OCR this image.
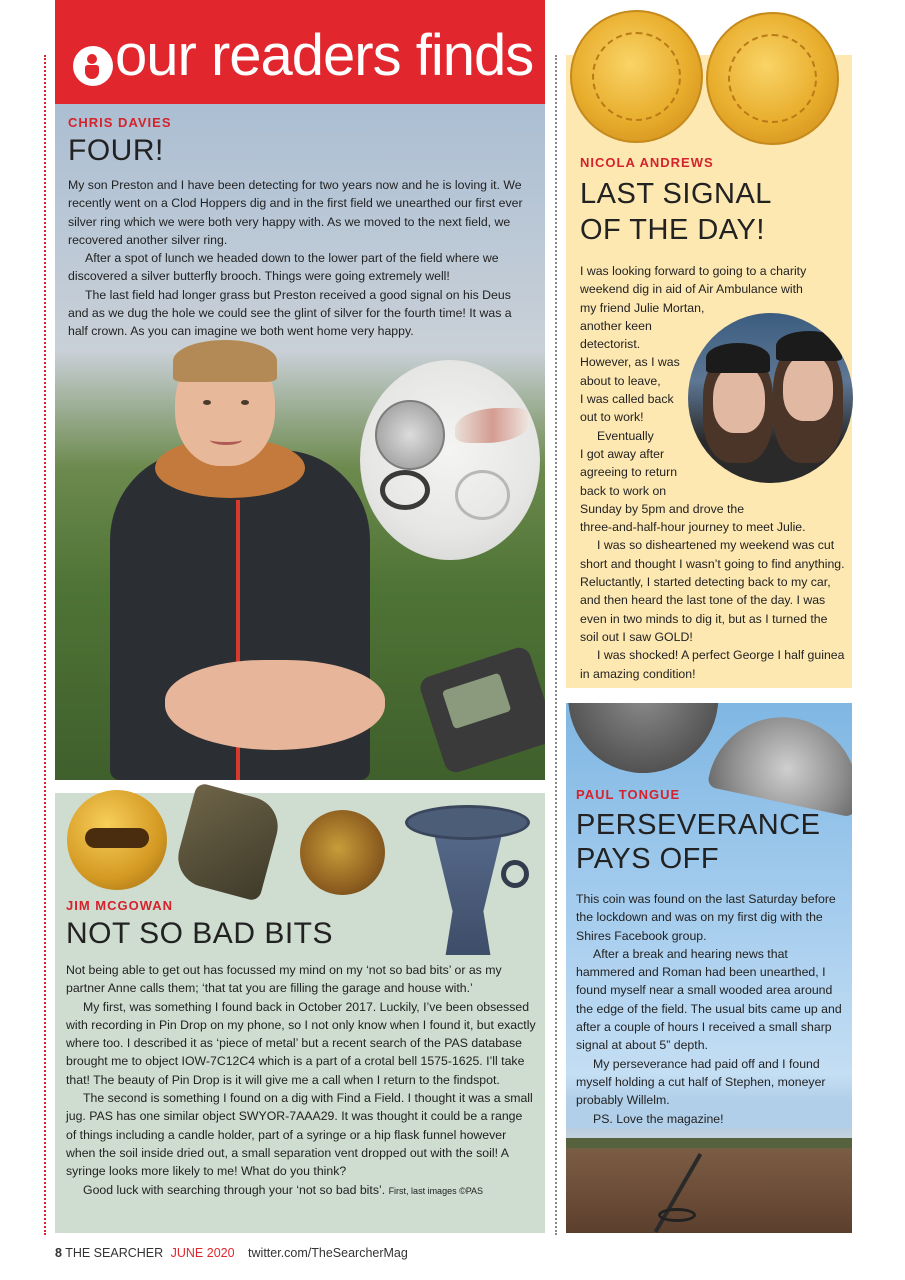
our readers finds
CHRIS DAVIES
FOUR!

My son Preston and I have been detecting for two years now and he is loving it. We recently went on a Clod Hoppers dig and in the first field we unearthed our first ever silver ring which we were both very happy with. As we moved to the next field, we recovered another silver ring.

After a spot of lunch we headed down to the lower part of the field where we discovered a silver butterfly brooch. Things were going extremely well!

The last field had longer grass but Preston received a good signal on his Deus and as we dug the hole we could see the glint of silver for the fourth time! It was a half crown. As you can imagine we both went home very happy.

NICOLA ANDREWS
LAST SIGNAL
OF THE DAY!

I was looking forward to going to a charity

weekend dig in aid of Air Ambulance with

my friend Julie Mortan,

another keen

detectorist.

However, as I was

about to leave,

I was called back

out to work!

Eventually

I got away after

agreeing to return

back to work on

Sunday by 5pm and drove the

three-and-half-hour journey to meet Julie.

I was so disheartened my weekend was cut short and thought I wasn’t going to find anything. Reluctantly, I started detecting back to my car, and then heard the last tone of the day. I was even in two minds to dig it, but as I turned the soil out I saw GOLD!

I was shocked! A perfect George I half guinea in amazing condition!

PAUL TONGUE
PERSEVERANCE
PAYS OFF

This coin was found on the last Saturday before the lockdown and was on my first dig with the Shires Facebook group.

After a break and hearing news that hammered and Roman had been unearthed, I found myself near a small wooded area around the edge of the field. The usual bits came up and after a couple of hours I received a small sharp signal at about 5” depth.

My perseverance had paid off and I found myself holding a cut half of Stephen, moneyer probably Willelm.

PS. Love the magazine!

JIM MCGOWAN
NOT SO BAD BITS

Not being able to get out has focussed my mind on my ‘not so bad bits’ or as my partner Anne calls them; ‘that tat you are filling the garage and house with.’

My first, was something I found back in October 2017. Luckily, I’ve been obsessed with recording in Pin Drop on my phone, so I not only know when I found it, but exactly where too. I described it as ‘piece of metal’ but a recent search of the PAS database brought me to object IOW-7C12C4 which is a part of a crotal bell 1575-1625. I’ll take that! The beauty of Pin Drop is it will give me a call when I return to the findspot.

The second is something I found on a dig with Find a Field. I thought it was a small jug. PAS has one similar object SWYOR-7AAA29. It was thought it could be a range of things including a candle holder, part of a syringe or a hip flask funnel however when the soil inside dried out, a small separation vent dropped out with the soil! A syringe looks more likely to me! What do you think?

Good luck with searching through your ‘not so bad bits’. First, last images ©PAS

8 THE SEARCHER JUNE 2020 twitter.com/TheSearcherMag
